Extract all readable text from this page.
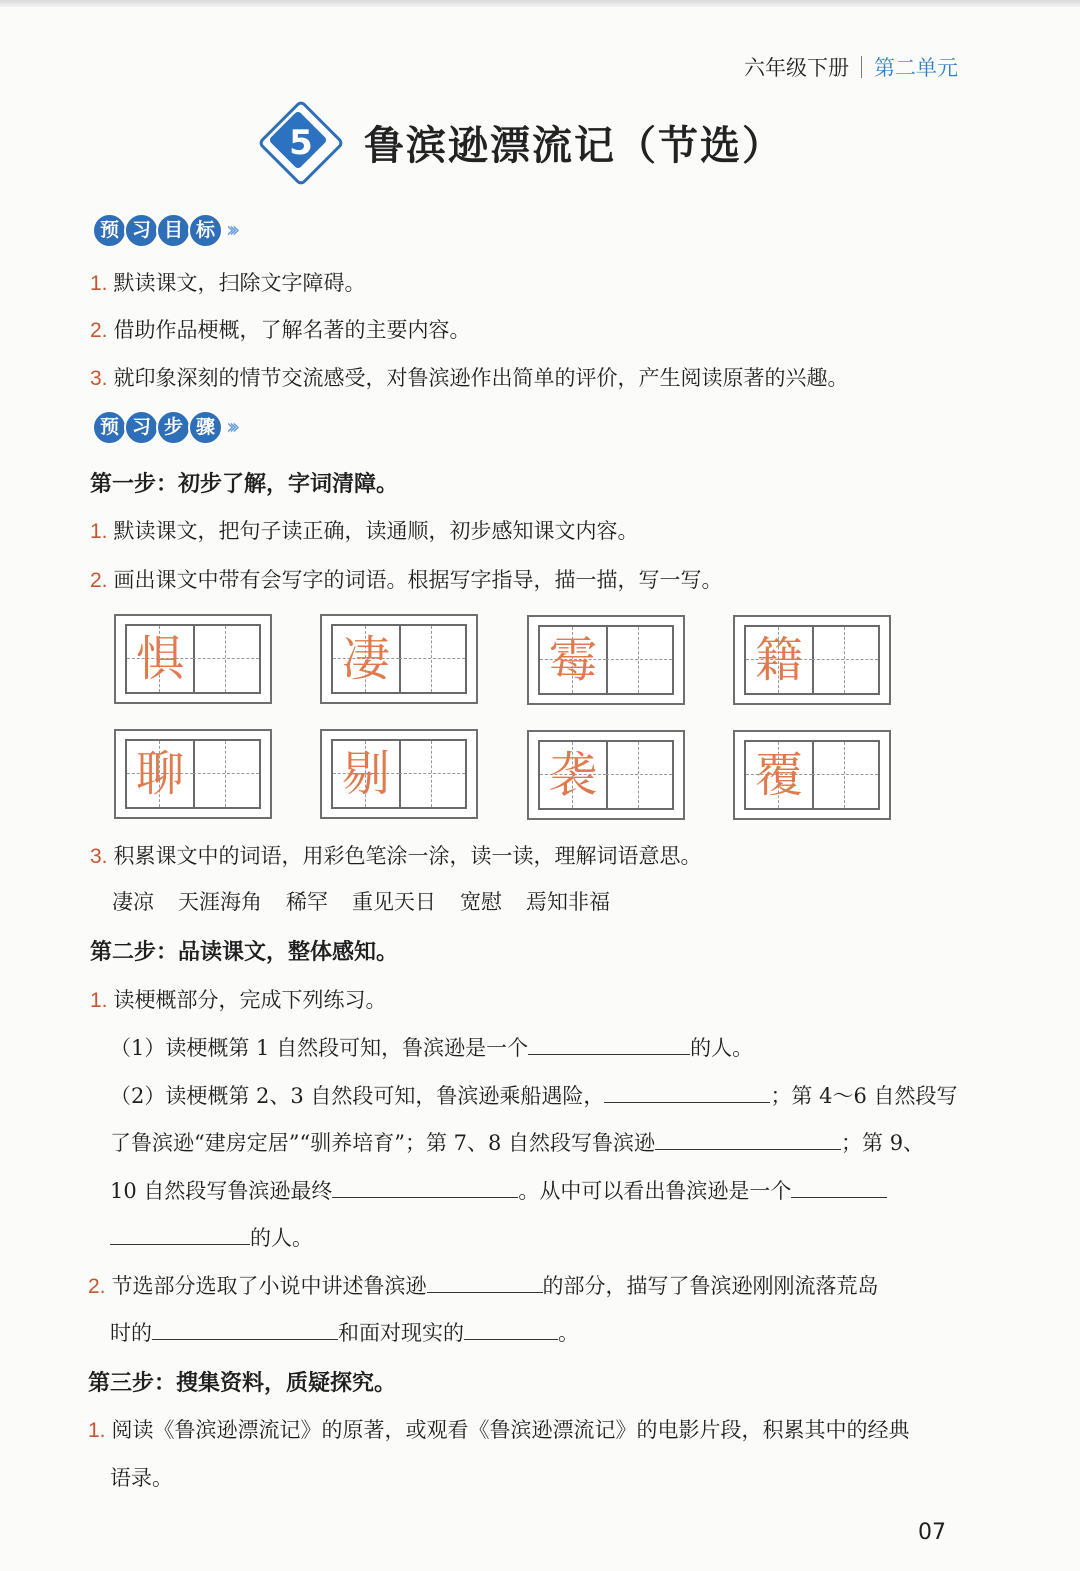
六年级下册 第二单元
5	鲁滨逊漂流记（节选）
预 习 目 标 ›››
1. 默读课文，扫除文字障碍。
2. 借助作品梗概，了解名著的主要内容。
3. 就印象深刻的情节交流感受，对鲁滨逊作出简单的评价，产生阅读原著的兴趣。
预 习 步 骤 ›››
第一步：初步了解，字词清障。
1. 默读课文，把句子读正确，读通顺，初步感知课文内容。
2. 画出课文中带有会写字的词语。根据写字指导，描一描，写一写。
惧	凄	霉	籍
聊	剔	袭	覆
3. 积累课文中的词语，用彩色笔涂一涂，读一读，理解词语意思。
凄凉 天涯海角 稀罕 重见天日 宽慰 焉知非福
第二步：品读课文，整体感知。
1. 读梗概部分，完成下列练习。
（1）读梗概第 1 自然段可知，鲁滨逊是一个	的人。
（2）读梗概第 2、3 自然段可知，鲁滨逊乘船遇险，	；第 4～6 自然段写
了鲁滨逊“建房定居”“驯养培育”；第 7、8 自然段写鲁滨逊	；第 9、
10 自然段写鲁滨逊最终	。从中可以看出鲁滨逊是一个
的人。
2. 节选部分选取了小说中讲述鲁滨逊	的部分，描写了鲁滨逊刚刚流落荒岛
时的	和面对现实的	。
第三步：搜集资料，质疑探究。
1. 阅读《鲁滨逊漂流记》的原著，或观看《鲁滨逊漂流记》的电影片段，积累其中的经典
语录。
07
